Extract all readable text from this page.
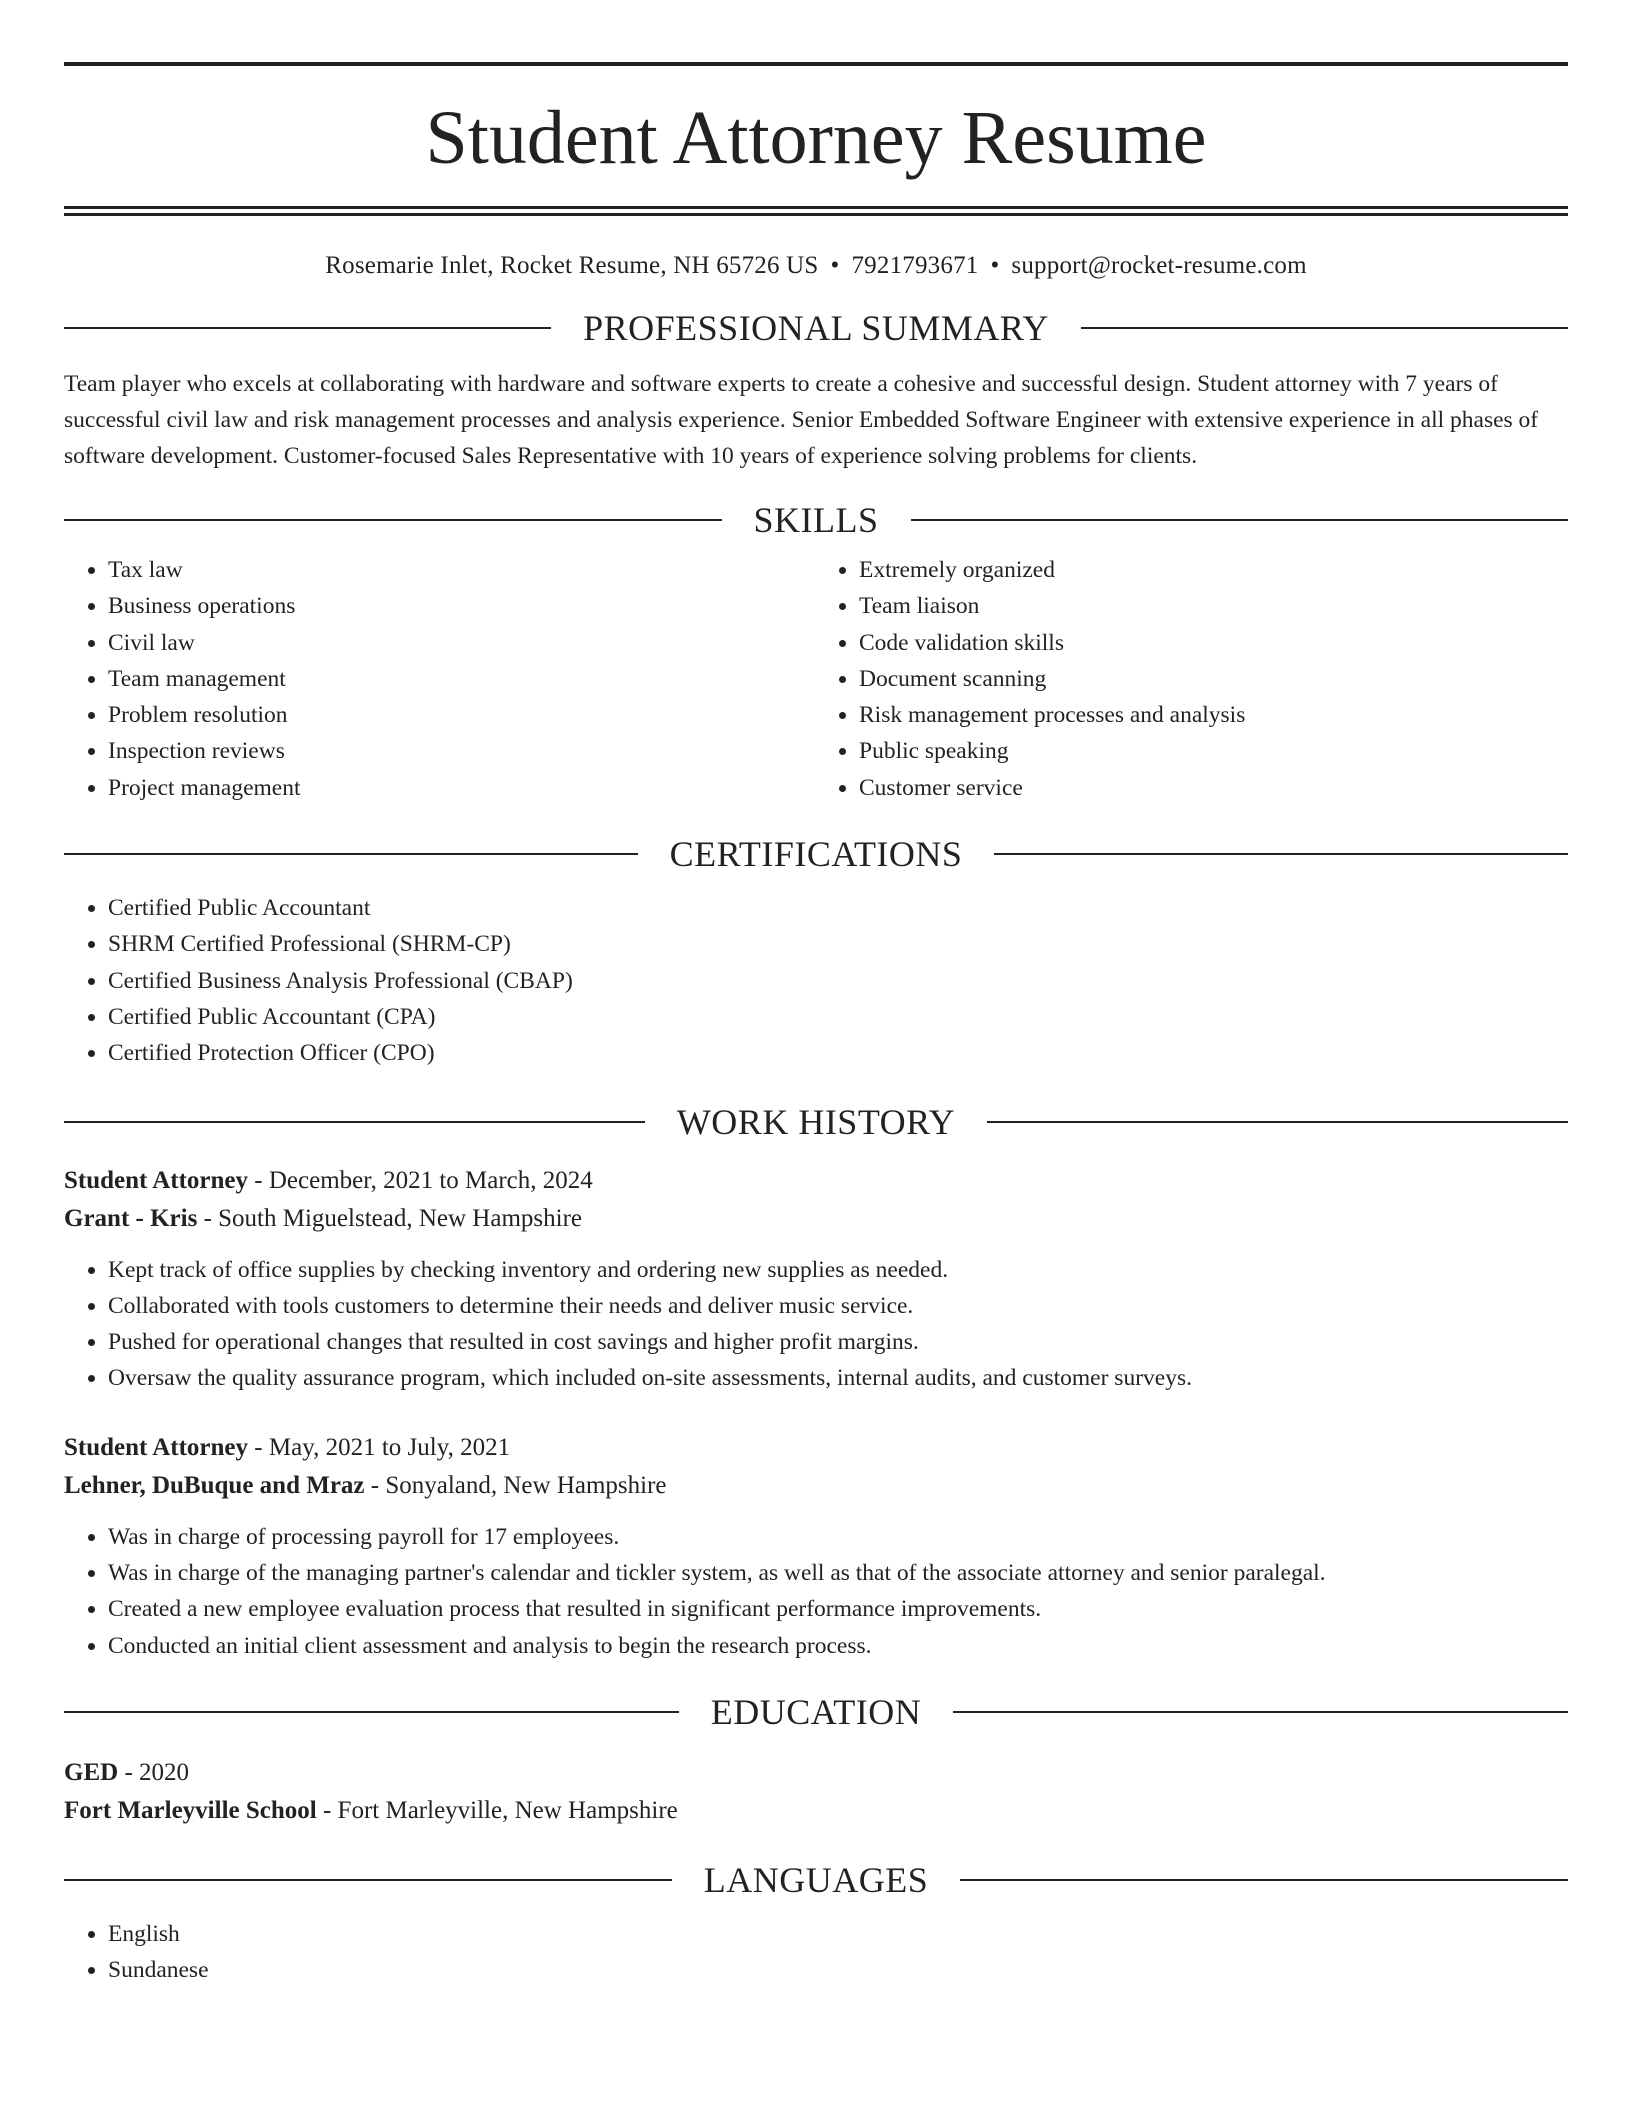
Student Attorney Resume
Rosemarie Inlet, Rocket Resume, NH 65726 US • 7921793671 • support@rocket-resume.com
PROFESSIONAL SUMMARY
Team player who excels at collaborating with hardware and software experts to create a cohesive and successful design. Student attorney with 7 years of successful civil law and risk management processes and analysis experience. Senior Embedded Software Engineer with extensive experience in all phases of software development. Customer-focused Sales Representative with 10 years of experience solving problems for clients.
SKILLS
• Tax law
• Business operations
• Civil law
• Team management
• Problem resolution
• Inspection reviews
• Project management
• Extremely organized
• Team liaison
• Code validation skills
• Document scanning
• Risk management processes and analysis
• Public speaking
• Customer service
CERTIFICATIONS
• Certified Public Accountant
• SHRM Certified Professional (SHRM-CP)
• Certified Business Analysis Professional (CBAP)
• Certified Public Accountant (CPA)
• Certified Protection Officer (CPO)
WORK HISTORY
Student Attorney - December, 2021 to March, 2024
Grant - Kris - South Miguelstead, New Hampshire
• Kept track of office supplies by checking inventory and ordering new supplies as needed.
• Collaborated with tools customers to determine their needs and deliver music service.
• Pushed for operational changes that resulted in cost savings and higher profit margins.
• Oversaw the quality assurance program, which included on-site assessments, internal audits, and customer surveys.
Student Attorney - May, 2021 to July, 2021
Lehner, DuBuque and Mraz - Sonyaland, New Hampshire
• Was in charge of processing payroll for 17 employees.
• Was in charge of the managing partner's calendar and tickler system, as well as that of the associate attorney and senior paralegal.
• Created a new employee evaluation process that resulted in significant performance improvements.
• Conducted an initial client assessment and analysis to begin the research process.
EDUCATION
GED - 2020
Fort Marleyville School - Fort Marleyville, New Hampshire
LANGUAGES
• English
• Sundanese
